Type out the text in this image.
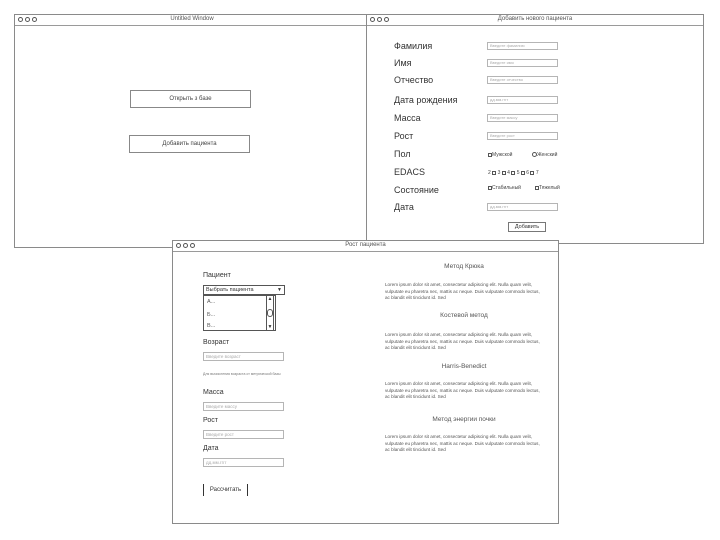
Untitled Window
Открыть з базе
Добавить пациента
Добавить нового пациента
Фамилия	Введите фамилию
Имя	Введите имя
Отчество	Введите отчество
Дата рождения	дд.мм.гггг
Масса	Введите массу
Рост	Введите рост
Пол	Мужской	Женский
EDACS	2 3 4 5 6 7
Состояние	Стабильный	Тяжелый
Дата	дд.мм.гггг
Добавить
Рост пациента
Пациент
Выбрать пациента	▼
А...
Б...
В...
▲
▼
Возраст
Введите возраст
Для вычисления возраста от метрической базы
Масса
Введите массу
Рост
Введите рост
Дата
дд.мм.гггг
Рассчитать
Метод Крюка
Lorem ipsum dolor sit amet, consectetur adipiscing elit. Nulla quam velit, vulputate eu pharetra nec, mattis ac neque. Duis vulputate commodo lectus, ac blandit elit tincidunt id. Sed
Костевой метод
Lorem ipsum dolor sit amet, consectetur adipiscing elit. Nulla quam velit, vulputate eu pharetra nec, mattis ac neque. Duis vulputate commodo lectus, ac blandit elit tincidunt id. Sed
Harris-Benedict
Lorem ipsum dolor sit amet, consectetur adipiscing elit. Nulla quam velit, vulputate eu pharetra nec, mattis ac neque. Duis vulputate commodo lectus, ac blandit elit tincidunt id. Sed
Метод энергии почки
Lorem ipsum dolor sit amet, consectetur adipiscing elit. Nulla quam velit, vulputate eu pharetra nec, mattis ac neque. Duis vulputate commodo lectus, ac blandit elit tincidunt id. Sed
